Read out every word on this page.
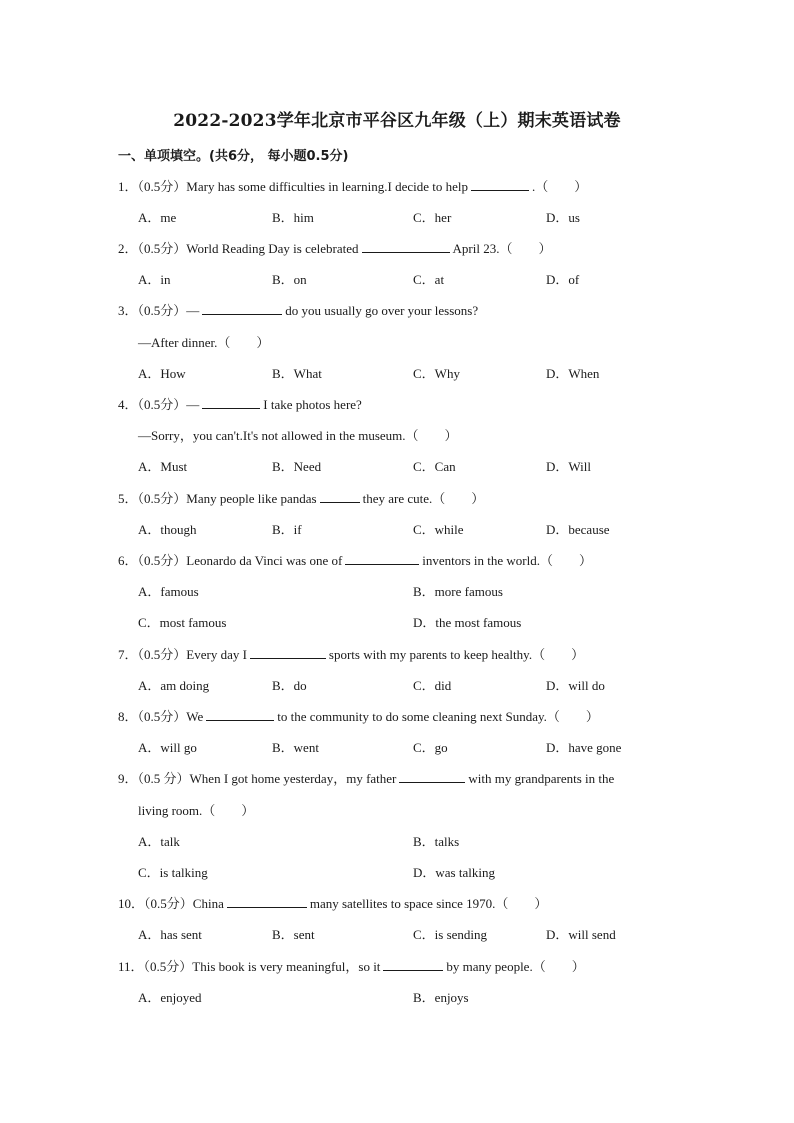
2022-2023学年北京市平谷区九年级（上）期末英语试卷
一、单项填空。(共6分， 每小题0.5分)
1．（0.5分）Mary has some difficulties in learning.I decide to help	.（　　）
A．me	B．him	C．her	D．us
2．（0.5分）World Reading Day is celebrated	April 23.（　　）
A．in	B．on	C．at	D．of
3．（0.5分）—	do you usually go over your lessons?
—After dinner.（　　）
A．How	B．What	C．Why	D．When
4．（0.5分）—	I take photos here?
—Sorry，you can't.It's not allowed in the museum.（　　）
A．Must	B．Need	C．Can	D．Will
5．（0.5分）Many people like pandas	they are cute.（　　）
A．though	B．if	C．while	D．because
6．（0.5分）Leonardo da Vinci was one of	inventors in the world.（　　）
A．famous	B．more famous
C．most famous	D．the most famous
7．（0.5分）Every day I	sports with my parents to keep healthy.（　　）
A．am doing	B．do	C．did	D．will do
8．（0.5分）We	to the community to do some cleaning next Sunday.（　　）
A．will go	B．went	C．go	D．have gone
9．（0.5 分）When I got home yesterday，my father	with my grandparents in the
living room.（　　）
A．talk	B．talks
C．is talking	D．was talking
10．（0.5分）China	many satellites to space since 1970.（　　）
A．has sent	B．sent	C．is sending	D．will send
11．（0.5分）This book is very meaningful，so it	by many people.（　　）
A．enjoyed	B．enjoys
